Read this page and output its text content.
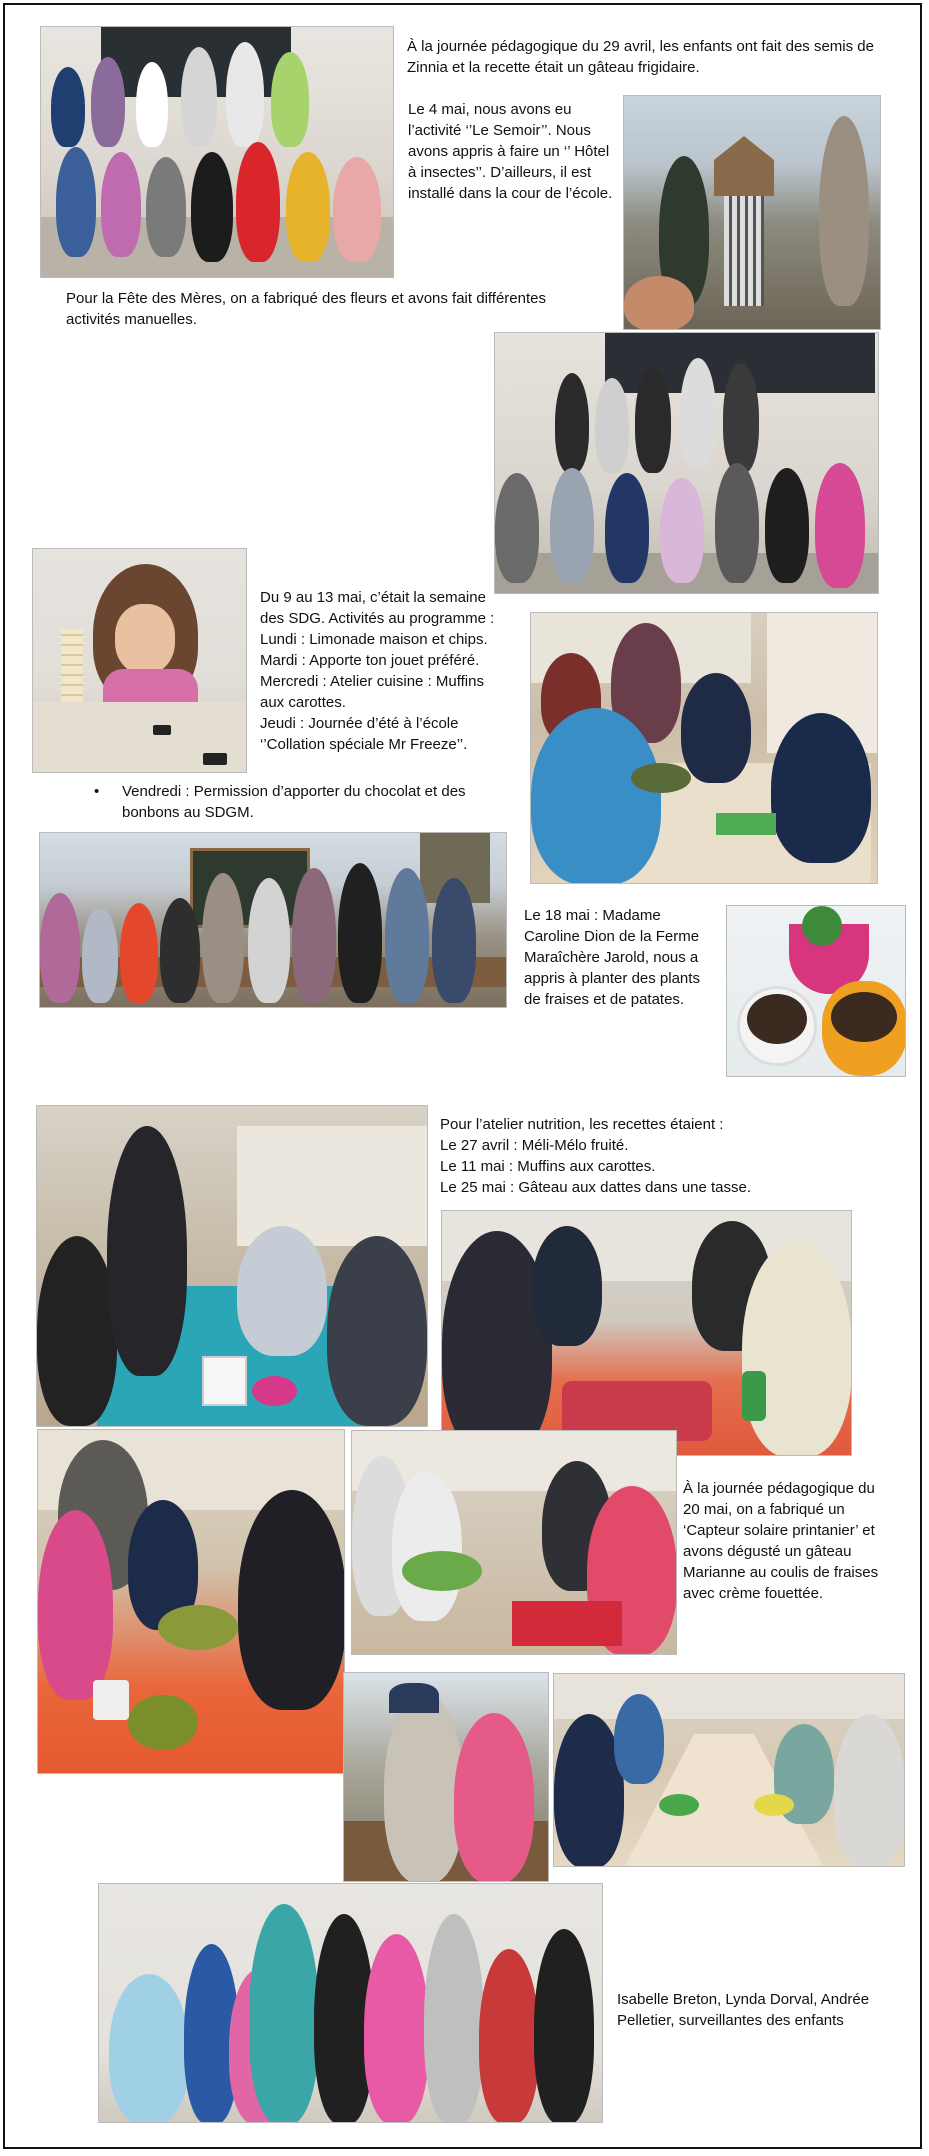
À la journée pédagogique du 29 avril, les enfants ont fait des semis de Zinnia et la recette était un gâteau frigidaire.
Le 4 mai, nous avons eu l’activité ‘’Le Semoir’’. Nous avons appris à faire un ‘’ Hôtel à insectes’’. D’ailleurs, il est installé dans la cour de l’école.
Pour la Fête des Mères, on a fabriqué des fleurs et avons fait différentes activités manuelles.
Du 9 au 13 mai, c’était la semaine des SDG. Activités au programme :
Lundi : Limonade maison et chips.
Mardi : Apporte ton jouet préféré.
Mercredi : Atelier cuisine : Muffins aux carottes.
Jeudi : Journée d’été à l’école ‘’Collation spéciale Mr Freeze’’.
• Vendredi : Permission d’apporter du chocolat et des bonbons au SDGM.
Le 18 mai : Madame Caroline Dion de la Ferme Maraîchère Jarold, nous a appris à planter des plants de fraises et de patates.
Pour l’atelier nutrition, les recettes étaient :
Le 27 avril : Méli-Mélo fruité.
Le 11 mai : Muffins aux carottes.
Le 25 mai : Gâteau aux dattes dans une tasse.
À la journée pédagogique du 20 mai, on a fabriqué un ‘Capteur solaire printanier’ et avons dégusté un gâteau Marianne au coulis de fraises avec crème fouettée.
Isabelle Breton, Lynda Dorval, Andrée Pelletier, surveillantes des enfants
